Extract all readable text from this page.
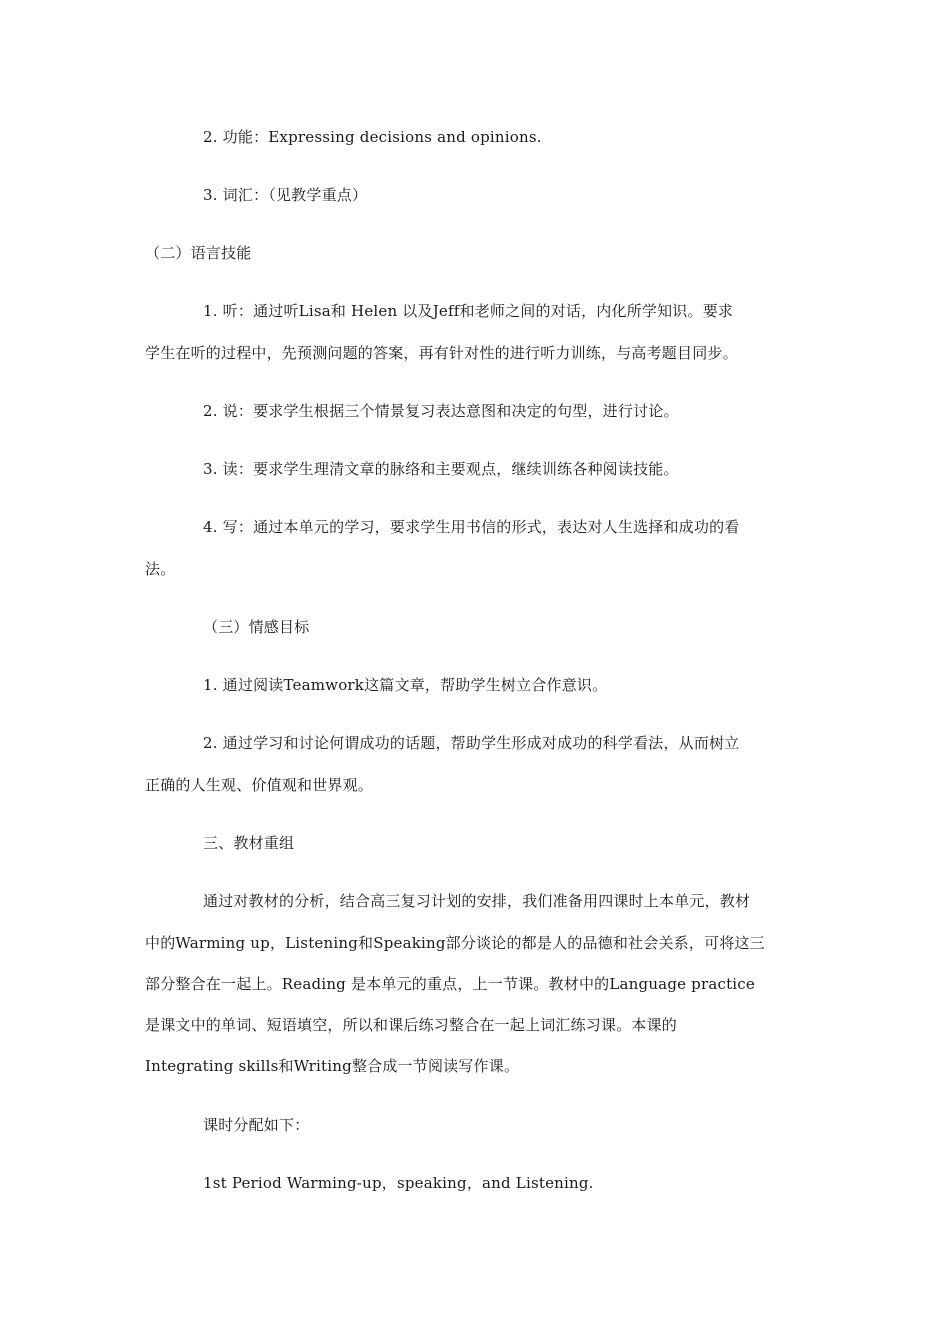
2. 功能：Expressing decisions and opinions.
3. 词汇：（见教学重点）
（二）语言技能
1. 听：通过听Lisa和 Helen 以及Jeff和老师之间的对话，内化所学知识。要求
学生在听的过程中，先预测问题的答案，再有针对性的进行听力训练，与高考题目同步。
2. 说：要求学生根据三个情景复习表达意图和决定的句型，进行讨论。
3. 读：要求学生理清文章的脉络和主要观点，继续训练各种阅读技能。
4. 写：通过本单元的学习，要求学生用书信的形式，表达对人生选择和成功的看
法。
（三）情感目标
1. 通过阅读Teamwork这篇文章，帮助学生树立合作意识。
2. 通过学习和讨论何谓成功的话题，帮助学生形成对成功的科学看法，从而树立
正确的人生观、价值观和世界观。
三、教材重组
通过对教材的分析，结合高三复习计划的安排，我们准备用四课时上本单元，教材
中的Warming up，Listening和Speaking部分谈论的都是人的品德和社会关系，可将这三
部分整合在一起上。Reading 是本单元的重点，上一节课。教材中的Language practice
是课文中的单词、短语填空，所以和课后练习整合在一起上词汇练习课。本课的
Integrating skills和Writing整合成一节阅读写作课。
课时分配如下：
1st Period Warming-up，speaking，and Listening.
